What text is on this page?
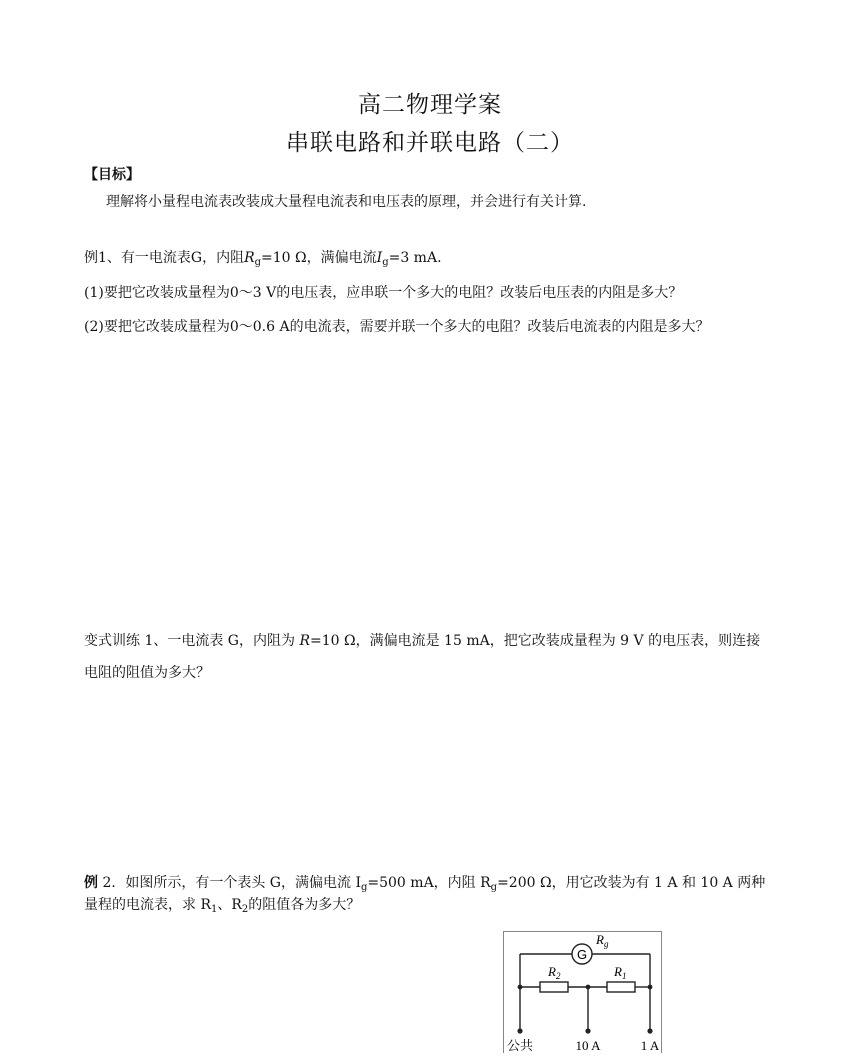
高二物理学案
串联电路和并联电路（二）
【目标】
理解将小量程电流表改装成大量程电流表和电压表的原理，并会进行有关计算.
例1、有一电流表G，内阻$R_g=10$ Ω，满偏电流$I_g=3$ mA.
(1)要把它改装成量程为0～3 V的电压表，应串联一个多大的电阻？改装后电压表的内阻是多大？
(2)要把它改装成量程为0～0.6 A的电流表，需要并联一个多大的电阻？改装后电流表的内阻是多大？
变式训练 1、一电流表 G，内阻为 R=10 Ω，满偏电流是 15 mA，把它改装成量程为 9 V 的电压表，则连接
电阻的阻值为多大？
例 2．如图所示，有一个表头 G，满偏电流 $I_g=500$ mA，内阻 $R_g=200$ Ω，用它改装为有 1 A 和 10 A 两种
量程的电流表，求 $R_1$、$R_2$的阻值各为多大？
G
$R_g$
$R_2$	$R_1$
公共	10 A	1 A
